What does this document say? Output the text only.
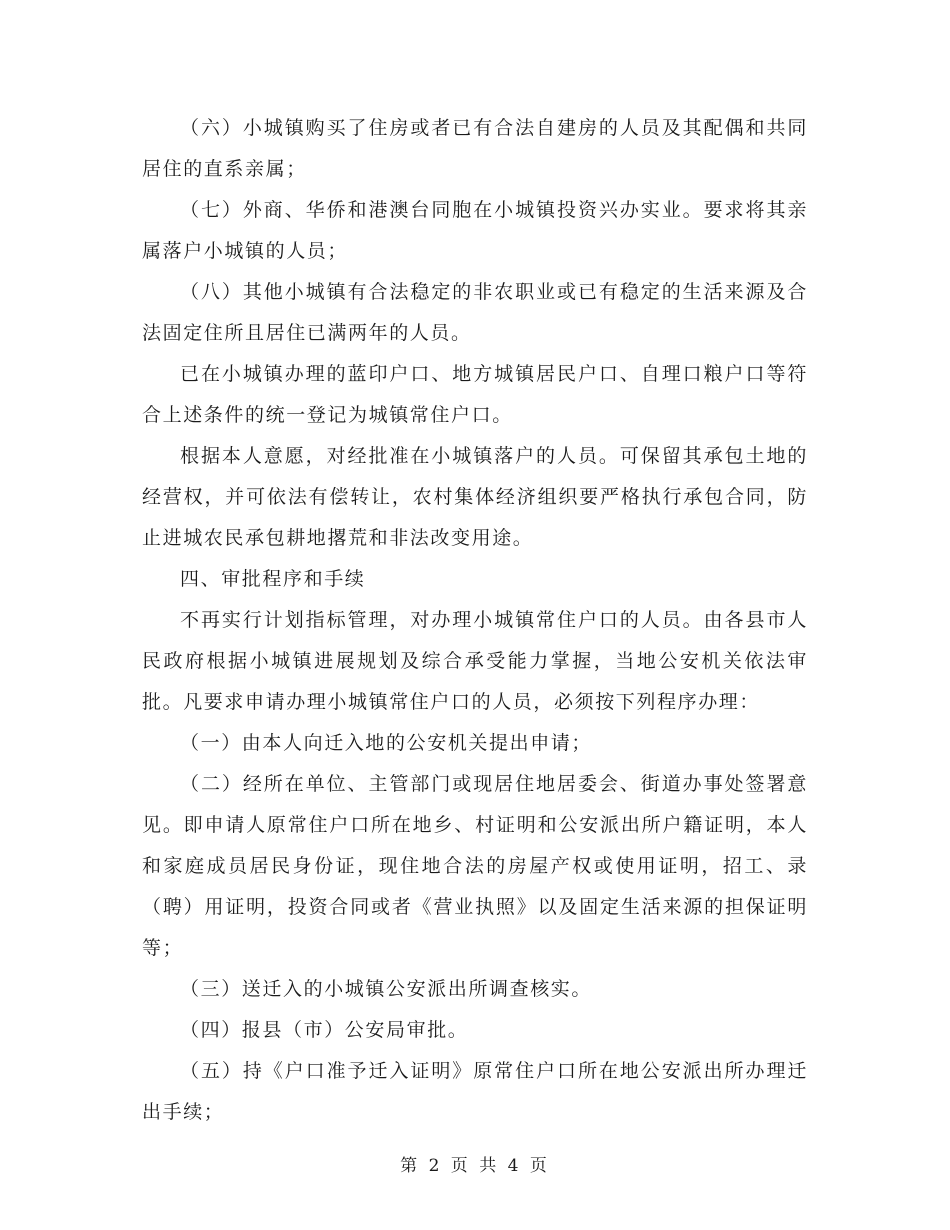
（六）小城镇购买了住房或者已有合法自建房的人员及其配偶和共同居住的直系亲属；

（七）外商、华侨和港澳台同胞在小城镇投资兴办实业。要求将其亲属落户小城镇的人员；

（八）其他小城镇有合法稳定的非农职业或已有稳定的生活来源及合法固定住所且居住已满两年的人员。

已在小城镇办理的蓝印户口、地方城镇居民户口、自理口粮户口等符合上述条件的统一登记为城镇常住户口。

根据本人意愿，对经批准在小城镇落户的人员。可保留其承包土地的经营权，并可依法有偿转让，农村集体经济组织要严格执行承包合同，防止进城农民承包耕地撂荒和非法改变用途。

四、审批程序和手续

不再实行计划指标管理，对办理小城镇常住户口的人员。由各县市人民政府根据小城镇进展规划及综合承受能力掌握，当地公安机关依法审批。凡要求申请办理小城镇常住户口的人员，必须按下列程序办理：

（一）由本人向迁入地的公安机关提出申请；

（二）经所在单位、主管部门或现居住地居委会、街道办事处签署意见。即申请人原常住户口所在地乡、村证明和公安派出所户籍证明，本人和家庭成员居民身份证，现住地合法的房屋产权或使用证明，招工、录（聘）用证明，投资合同或者《营业执照》以及固定生活来源的担保证明等；

（三）送迁入的小城镇公安派出所调查核实。

（四）报县（市）公安局审批。

（五）持《户口准予迁入证明》原常住户口所在地公安派出所办理迁出手续；

第 2 页 共 4 页
